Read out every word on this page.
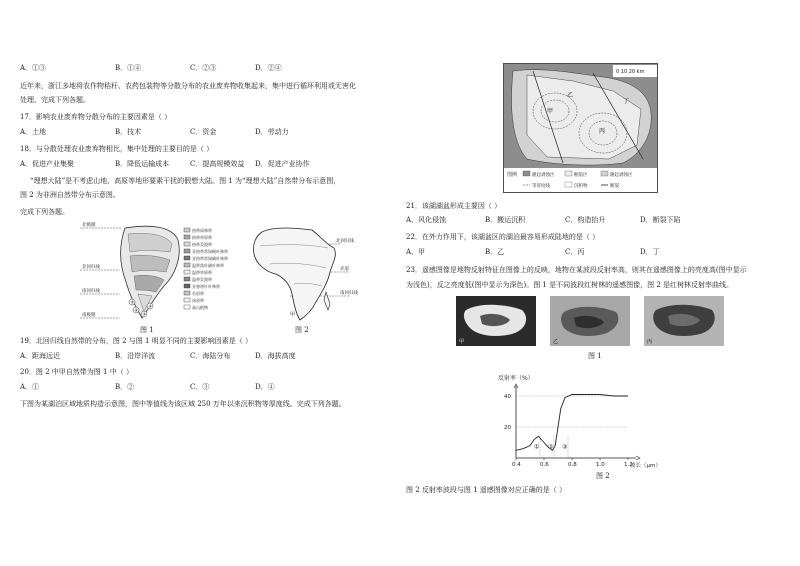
A．①③	B．①④	C．②③	D．②④
近年来，浙江多地将农作物秸秆、农药包装物等分散分布的农业废弃物收集起来，集中进行循环利用或无害化
处理。完成下列各题。
17．影响农业废弃物分散分布的主要因素是（ ）
A．土地	B．技术	C．资金	D．劳动力
18．与分散处理农业废弃物相比，集中处理的主要目的是（ ）
A．促进产业集聚	B．降低运输成本	C．提高规模效益 D．促进产业协作
“理想大陆”是不考虑山地、高原等地形要素干扰的假想大陆。图 1 为“理想大陆”自然带分布示意图，
图 2 为非洲自然带分布示意图。
完成下列各题。
北极圈
北回归线
南回归线
南极圈
①
②
③
④
热带雨林带
热带草原带
热带荒漠带
亚热带常绿硬叶林带
亚热带常绿阔叶林带
温带落叶阔叶林带
温带草原带
温带荒漠带
亚寒带针叶林带
苔原带
冰原带
高山植物
图 1
北回归线
赤道
南回归线
甲
图 2
19．北回归线自然带的分布，图 2 与图 1 明显不同的主要影响因素是（ ）
A．距海远近	B．沿岸洋流	C．海陆分布	D．海拔高度
20．图 2 中甲自然带为图 1 中（ ）
A．①	B．②	C．③	D．④
下图为某湖泊区域地质构造示意图，图中等值线为该区域 250 万年以来沉积物等厚度线。完成下列各题。
0 10 20 km
甲
乙
丙
丁
图例	隆起剥蚀区	断陷区	隆起剥蚀区
等厚度线	沉积物	断裂
21．该湖湖盆形成主要因（ ）
A．风化侵蚀	B．搬运沉积	C．构造抬升	D．断裂下陷
22．在外力作用下，该湖盆区的湖泊最容易形成陆地的是（ ）
A．甲	B．乙	C．丙	D．丁
23．遥感图像是地物反射特征在图像上的反映，地物在某波段反射率高，则其在遥感图像上的亮度高(图中显示
为浅色)，反之亮度低(图中显示为深色)。图 1 是不同波段红树林的遥感图像，图 2 是红树林反射率曲线。
甲	乙	丙
图 1
反射率（%）
20
40
0.4	0.6	0.8	1.0	1.2
① ② ③
波长（μm）
图 2
图 2 反射率波段与图 1 遥感图像对应正确的是（ ）
